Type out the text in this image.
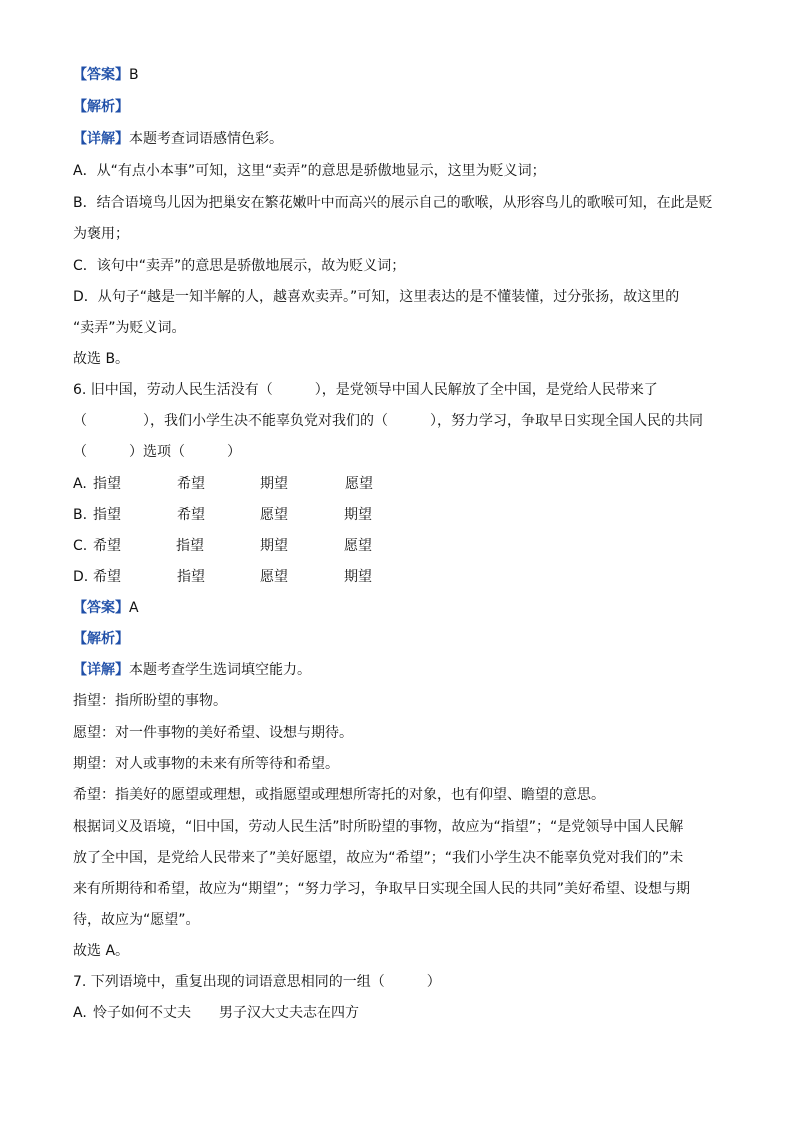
【答案】B
【解析】
【详解】本题考查词语感情色彩。
A．从“有点小本事”可知，这里“卖弄”的意思是骄傲地显示，这里为贬义词；
B．结合语境鸟儿因为把巢安在繁花嫩叶中而高兴的展示自己的歌喉，从形容鸟儿的歌喉可知，在此是贬
为褒用；
C．该句中“卖弄”的意思是骄傲地展示，故为贬义词；
D．从句子“越是一知半解的人，越喜欢卖弄。”可知，这里表达的是不懂装懂，过分张扬，故这里的
“卖弄”为贬义词。
故选 B。
6. 旧中国，劳动人民生活没有（　　　），是党领导中国人民解放了全中国，是党给人民带来了
（　　　　），我们小学生决不能辜负党对我们的（　　　），努力学习，争取早日实现全国人民的共同
（　　　）选项（　　　）
A. 指望	希望	期望	愿望
B. 指望	希望	愿望	期望
C. 希望	指望	期望	愿望
D. 希望	指望	愿望	期望
【答案】A
【解析】
【详解】本题考查学生选词填空能力。
指望：指所盼望的事物。
愿望：对一件事物的美好希望、设想与期待。
期望：对人或事物的未来有所等待和希望。
希望：指美好的愿望或理想，或指愿望或理想所寄托的对象，也有仰望、瞻望的意思。
根据词义及语境，“旧中国，劳动人民生活”时所盼望的事物，故应为“指望”；“是党领导中国人民解
放了全中国，是党给人民带来了”美好愿望，故应为“希望”；“我们小学生决不能辜负党对我们的”未
来有所期待和希望，故应为“期望”；“努力学习，争取早日实现全国人民的共同”美好希望、设想与期
待，故应为“愿望”。
故选 A。
7. 下列语境中，重复出现的词语意思相同的一组（　　　）
A. 怜子如何不丈夫　　男子汉大丈夫志在四方
